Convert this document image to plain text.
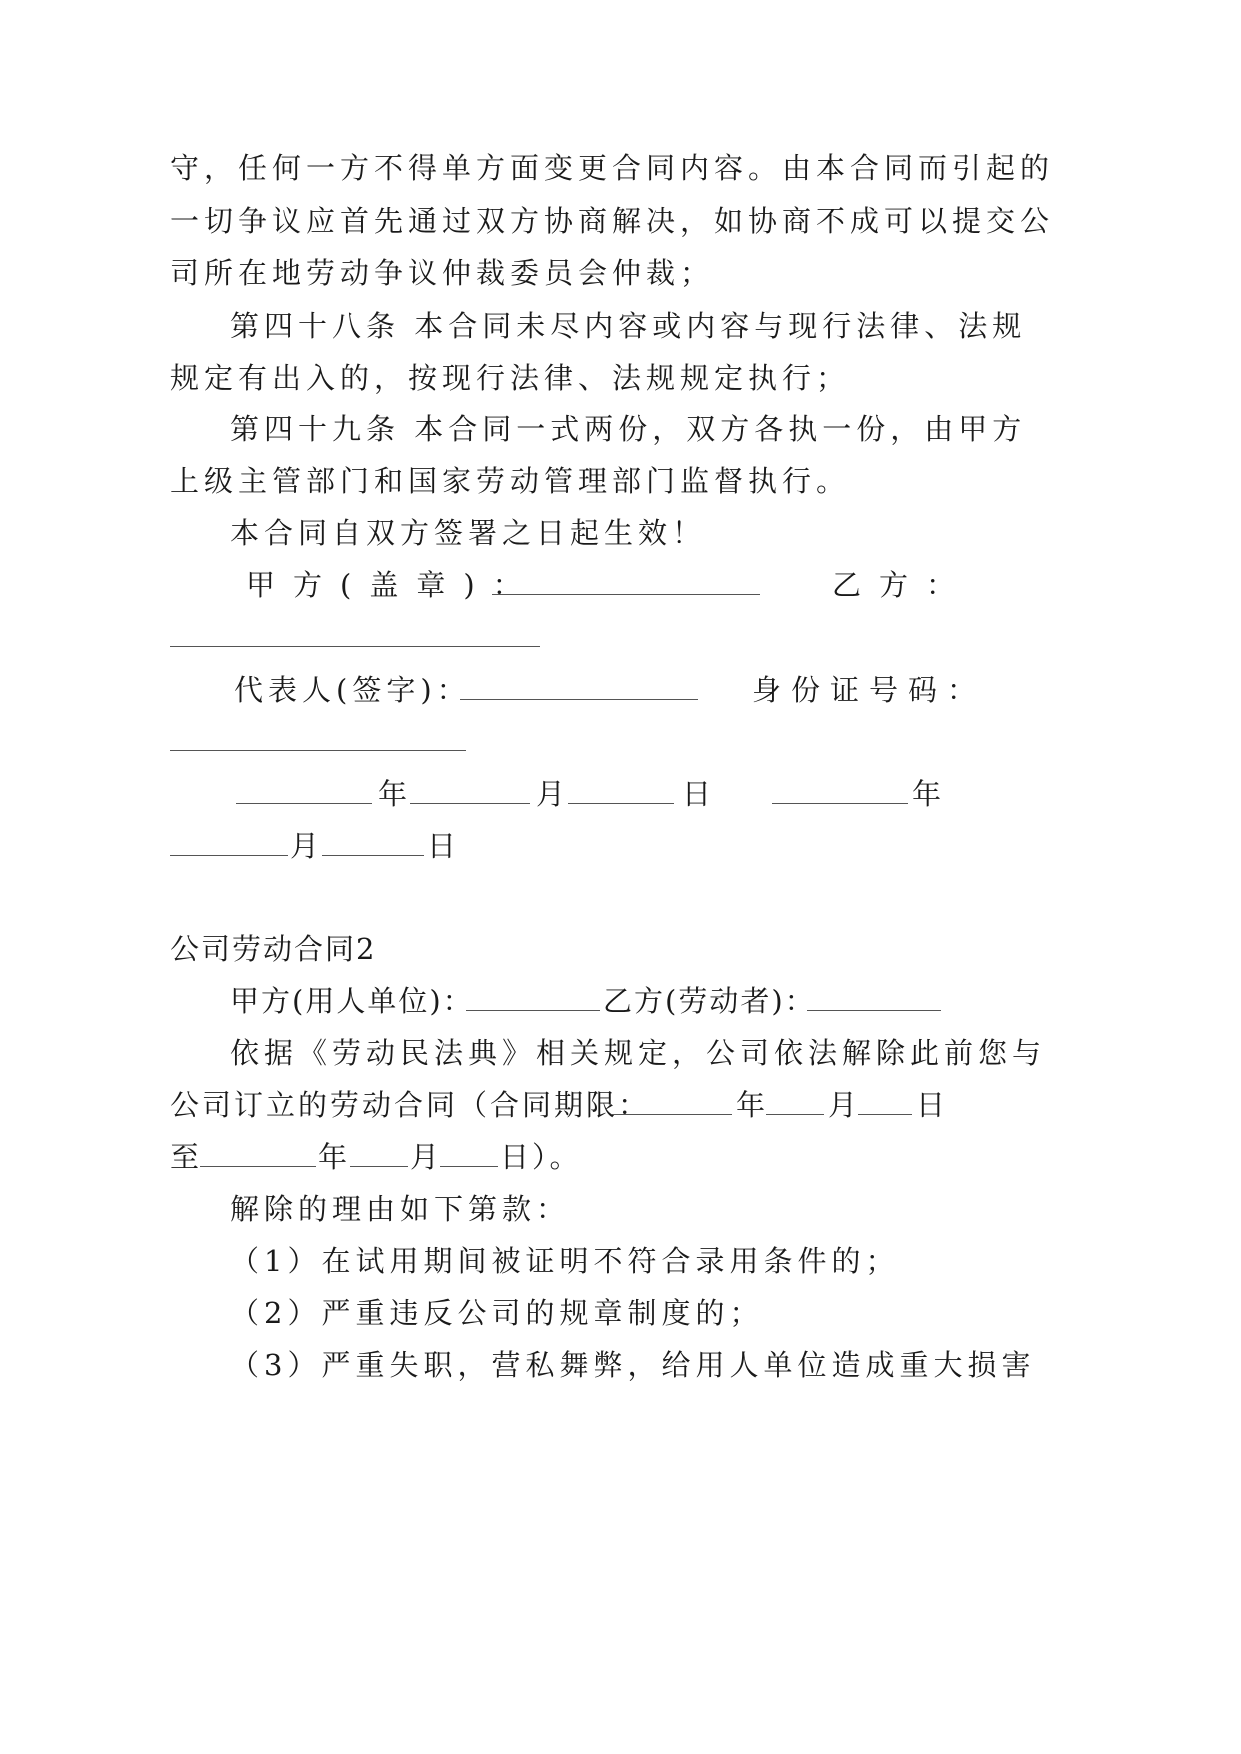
守，任何一方不得单方面变更合同内容。由本合同而引起的
一切争议应首先通过双方协商解决，如协商不成可以提交公
司所在地劳动争议仲裁委员会仲裁；
第四十八条 本合同未尽内容或内容与现行法律、法规
规定有出入的，按现行法律、法规规定执行；
第四十九条 本合同一式两份，双方各执一份，由甲方
上级主管部门和国家劳动管理部门监督执行。
本合同自双方签署之日起生效！
甲方(盖章)：	乙方：
代表人(签字)：	身份证号码：
年	月	日	年
月	日
公司劳动合同2
甲方(用人单位)：	乙方(劳动者)：
依据《劳动民法典》相关规定，公司依法解除此前您与
公司订立的劳动合同（合同期限：	年 月 日
至	年 月 日）。
解除的理由如下第款：
（1）在试用期间被证明不符合录用条件的；
（2）严重违反公司的规章制度的；
（3）严重失职，营私舞弊，给用人单位造成重大损害
